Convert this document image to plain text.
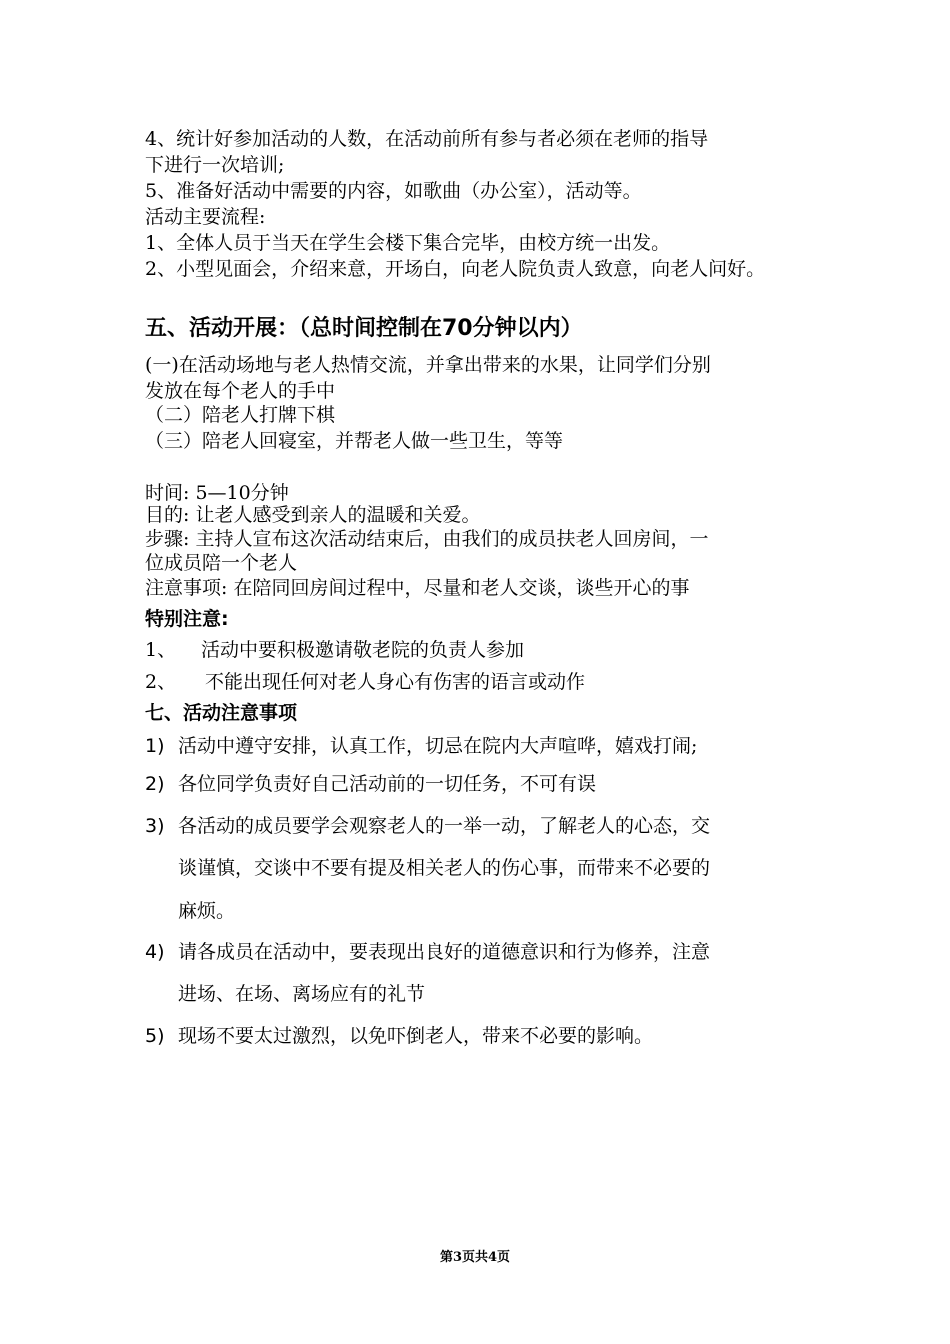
4、统计好参加活动的人数，在活动前所有参与者必须在老师的指导
下进行一次培训;
5、准备好活动中需要的内容，如歌曲（办公室），活动等。
活动主要流程:
1、全体人员于当天在学生会楼下集合完毕，由校方统一出发。
2、小型见面会，介绍来意，开场白，向老人院负责人致意，向老人问好。
五、活动开展：（总时间控制在70分钟以内）
(一)在活动场地与老人热情交流，并拿出带来的水果，让同学们分别
发放在每个老人的手中
（二）陪老人打牌下棋
（三）陪老人回寝室，并帮老人做一些卫生，等等
时间: 5—10分钟
目的: 让老人感受到亲人的温暖和关爱。
步骤: 主持人宣布这次活动结束后，由我们的成员扶老人回房间，一
位成员陪一个老人
注意事项: 在陪同回房间过程中，尽量和老人交谈，谈些开心的事
特别注意:
1、 活动中要积极邀请敬老院的负责人参加
2、 不能出现任何对老人身心有伤害的语言或动作
七、活动注意事项
1) 活动中遵守安排，认真工作，切忌在院内大声喧哗，嬉戏打闹;
2) 各位同学负责好自己活动前的一切任务，不可有误
3) 各活动的成员要学会观察老人的一举一动，了解老人的心态，交
谈谨慎，交谈中不要有提及相关老人的伤心事，而带来不必要的
麻烦。
4) 请各成员在活动中，要表现出良好的道德意识和行为修养，注意
进场、在场、离场应有的礼节
5) 现场不要太过激烈，以免吓倒老人，带来不必要的影响。
第3页共4页
